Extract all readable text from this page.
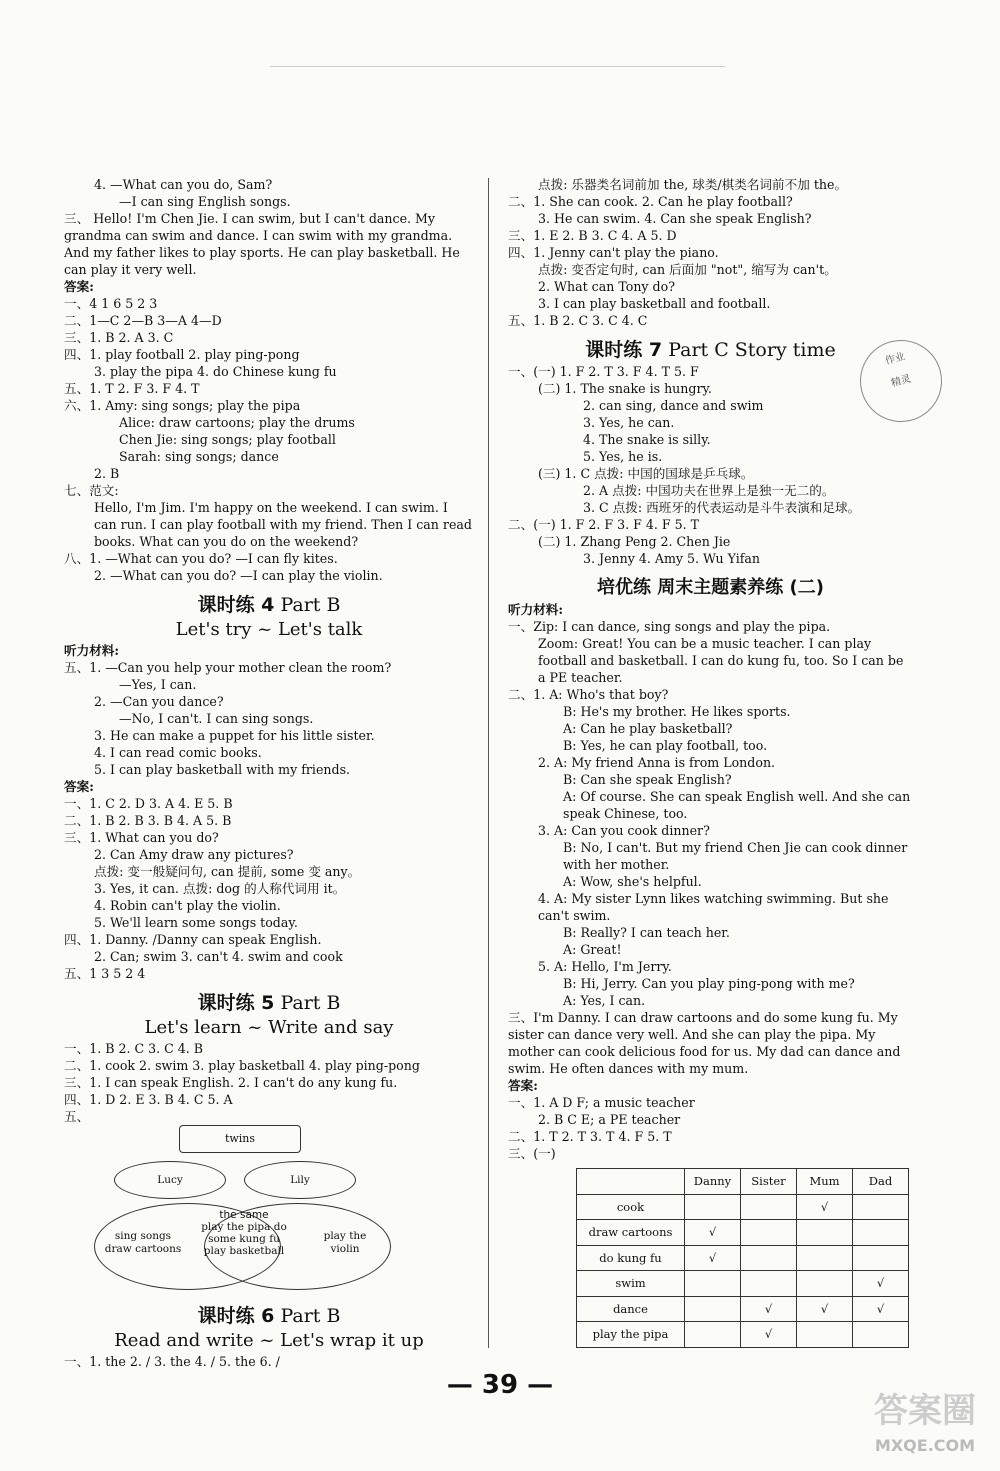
4. —What can you do, Sam?
—I can sing English songs.
三、 Hello! I'm Chen Jie. I can swim, but I can't dance. My grandma can swim and dance. I can swim with my grandma. And my father likes to play sports. He can play basketball. He can play it very well.
答案:
一、4 1 6 5 2 3
二、1—C 2—B 3—A 4—D
三、1. B 2. A 3. C
四、1. play football 2. play ping-pong
3. play the pipa 4. do Chinese kung fu
五、1. T 2. F 3. F 4. T
六、1. Amy: sing songs; play the pipa
Alice: draw cartoons; play the drums
Chen Jie: sing songs; play football
Sarah: sing songs; dance
2. B
七、范文:
Hello, I'm Jim. I'm happy on the weekend. I can swim. I can run. I can play football with my friend. Then I can read books. What can you do on the weekend?
八、1. —What can you do? —I can fly kites.
2. —What can you do? —I can play the violin.
课时练 4 Part B
Let's try ~ Let's talk
听力材料:
五、1. —Can you help your mother clean the room?
—Yes, I can.
2. —Can you dance?
—No, I can't. I can sing songs.
3. He can make a puppet for his little sister.
4. I can read comic books.
5. I can play basketball with my friends.
答案:
一、1. C 2. D 3. A 4. E 5. B
二、1. B 2. B 3. B 4. A 5. B
三、1. What can you do?
2. Can Amy draw any pictures?
点拨: 变一般疑问句, can 提前, some 变 any。
3. Yes, it can. 点拨: dog 的人称代词用 it。
4. Robin can't play the violin.
5. We'll learn some songs today.
四、1. Danny. /Danny can speak English.
2. Can; swim 3. can't 4. swim and cook
五、1 3 5 2 4
课时练 5 Part B
Let's learn ~ Write and say
一、1. B 2. C 3. C 4. B
二、1. cook 2. swim 3. play basketball 4. play ping-pong
三、1. I can speak English. 2. I can't do any kung fu.
四、1. D 2. E 3. B 4. C 5. A
五、
twins
Lucy	Lily
sing songs draw cartoons
play the violin
the same
play the pipa do some kung fu play basketball
课时练 6 Part B
Read and write ~ Let's wrap it up
一、1. the 2. / 3. the 4. / 5. the 6. /
点拨: 乐器类名词前加 the, 球类/棋类名词前不加 the。
二、1. She can cook. 2. Can he play football?
3. He can swim. 4. Can she speak English?
三、1. E 2. B 3. C 4. A 5. D
四、1. Jenny can't play the piano.
点拨: 变否定句时, can 后面加 "not", 缩写为 can't。
2. What can Tony do?
3. I can play basketball and football.
五、1. B 2. C 3. C 4. C
课时练 7 Part C Story time
一、(一) 1. F 2. T 3. F 4. T 5. F
(二) 1. The snake is hungry.
2. can sing, dance and swim
3. Yes, he can.
4. The snake is silly.
5. Yes, he is.
(三) 1. C 点拨: 中国的国球是乒乓球。
2. A 点拨: 中国功夫在世界上是独一无二的。
3. C 点拨: 西班牙的代表运动是斗牛表演和足球。
二、(一) 1. F 2. F 3. F 4. F 5. T
(二) 1. Zhang Peng 2. Chen Jie
3. Jenny 4. Amy 5. Wu Yifan
培优练 周末主题素养练 (二)
听力材料:
一、Zip: I can dance, sing songs and play the pipa.
Zoom: Great! You can be a music teacher. I can play football and basketball. I can do kung fu, too. So I can be a PE teacher.
二、1. A: Who's that boy?
B: He's my brother. He likes sports.
A: Can he play basketball?
B: Yes, he can play football, too.
2. A: My friend Anna is from London.
B: Can she speak English?
A: Of course. She can speak English well. And she can speak Chinese, too.
3. A: Can you cook dinner?
B: No, I can't. But my friend Chen Jie can cook dinner with her mother.
A: Wow, she's helpful.
4. A: My sister Lynn likes watching swimming. But she can't swim.
B: Really? I can teach her.
A: Great!
5. A: Hello, I'm Jerry.
B: Hi, Jerry. Can you play ping-pong with me?
A: Yes, I can.
三、I'm Danny. I can draw cartoons and do some kung fu. My sister can dance very well. And she can play the pipa. My mother can cook delicious food for us. My dad can dance and swim. He often dances with my mum.
答案:
一、1. A D F; a music teacher
2. B C E; a PE teacher
二、1. T 2. T 3. T 4. F 5. T
三、(一)
	Danny	Sister	Mum	Dad
cook			√	
draw cartoons	√			
do kung fu	√			
swim				√
dance		√	√	√
play the pipa		√		
作业
精灵
— 39 —
答案圈
MXQE.COM
